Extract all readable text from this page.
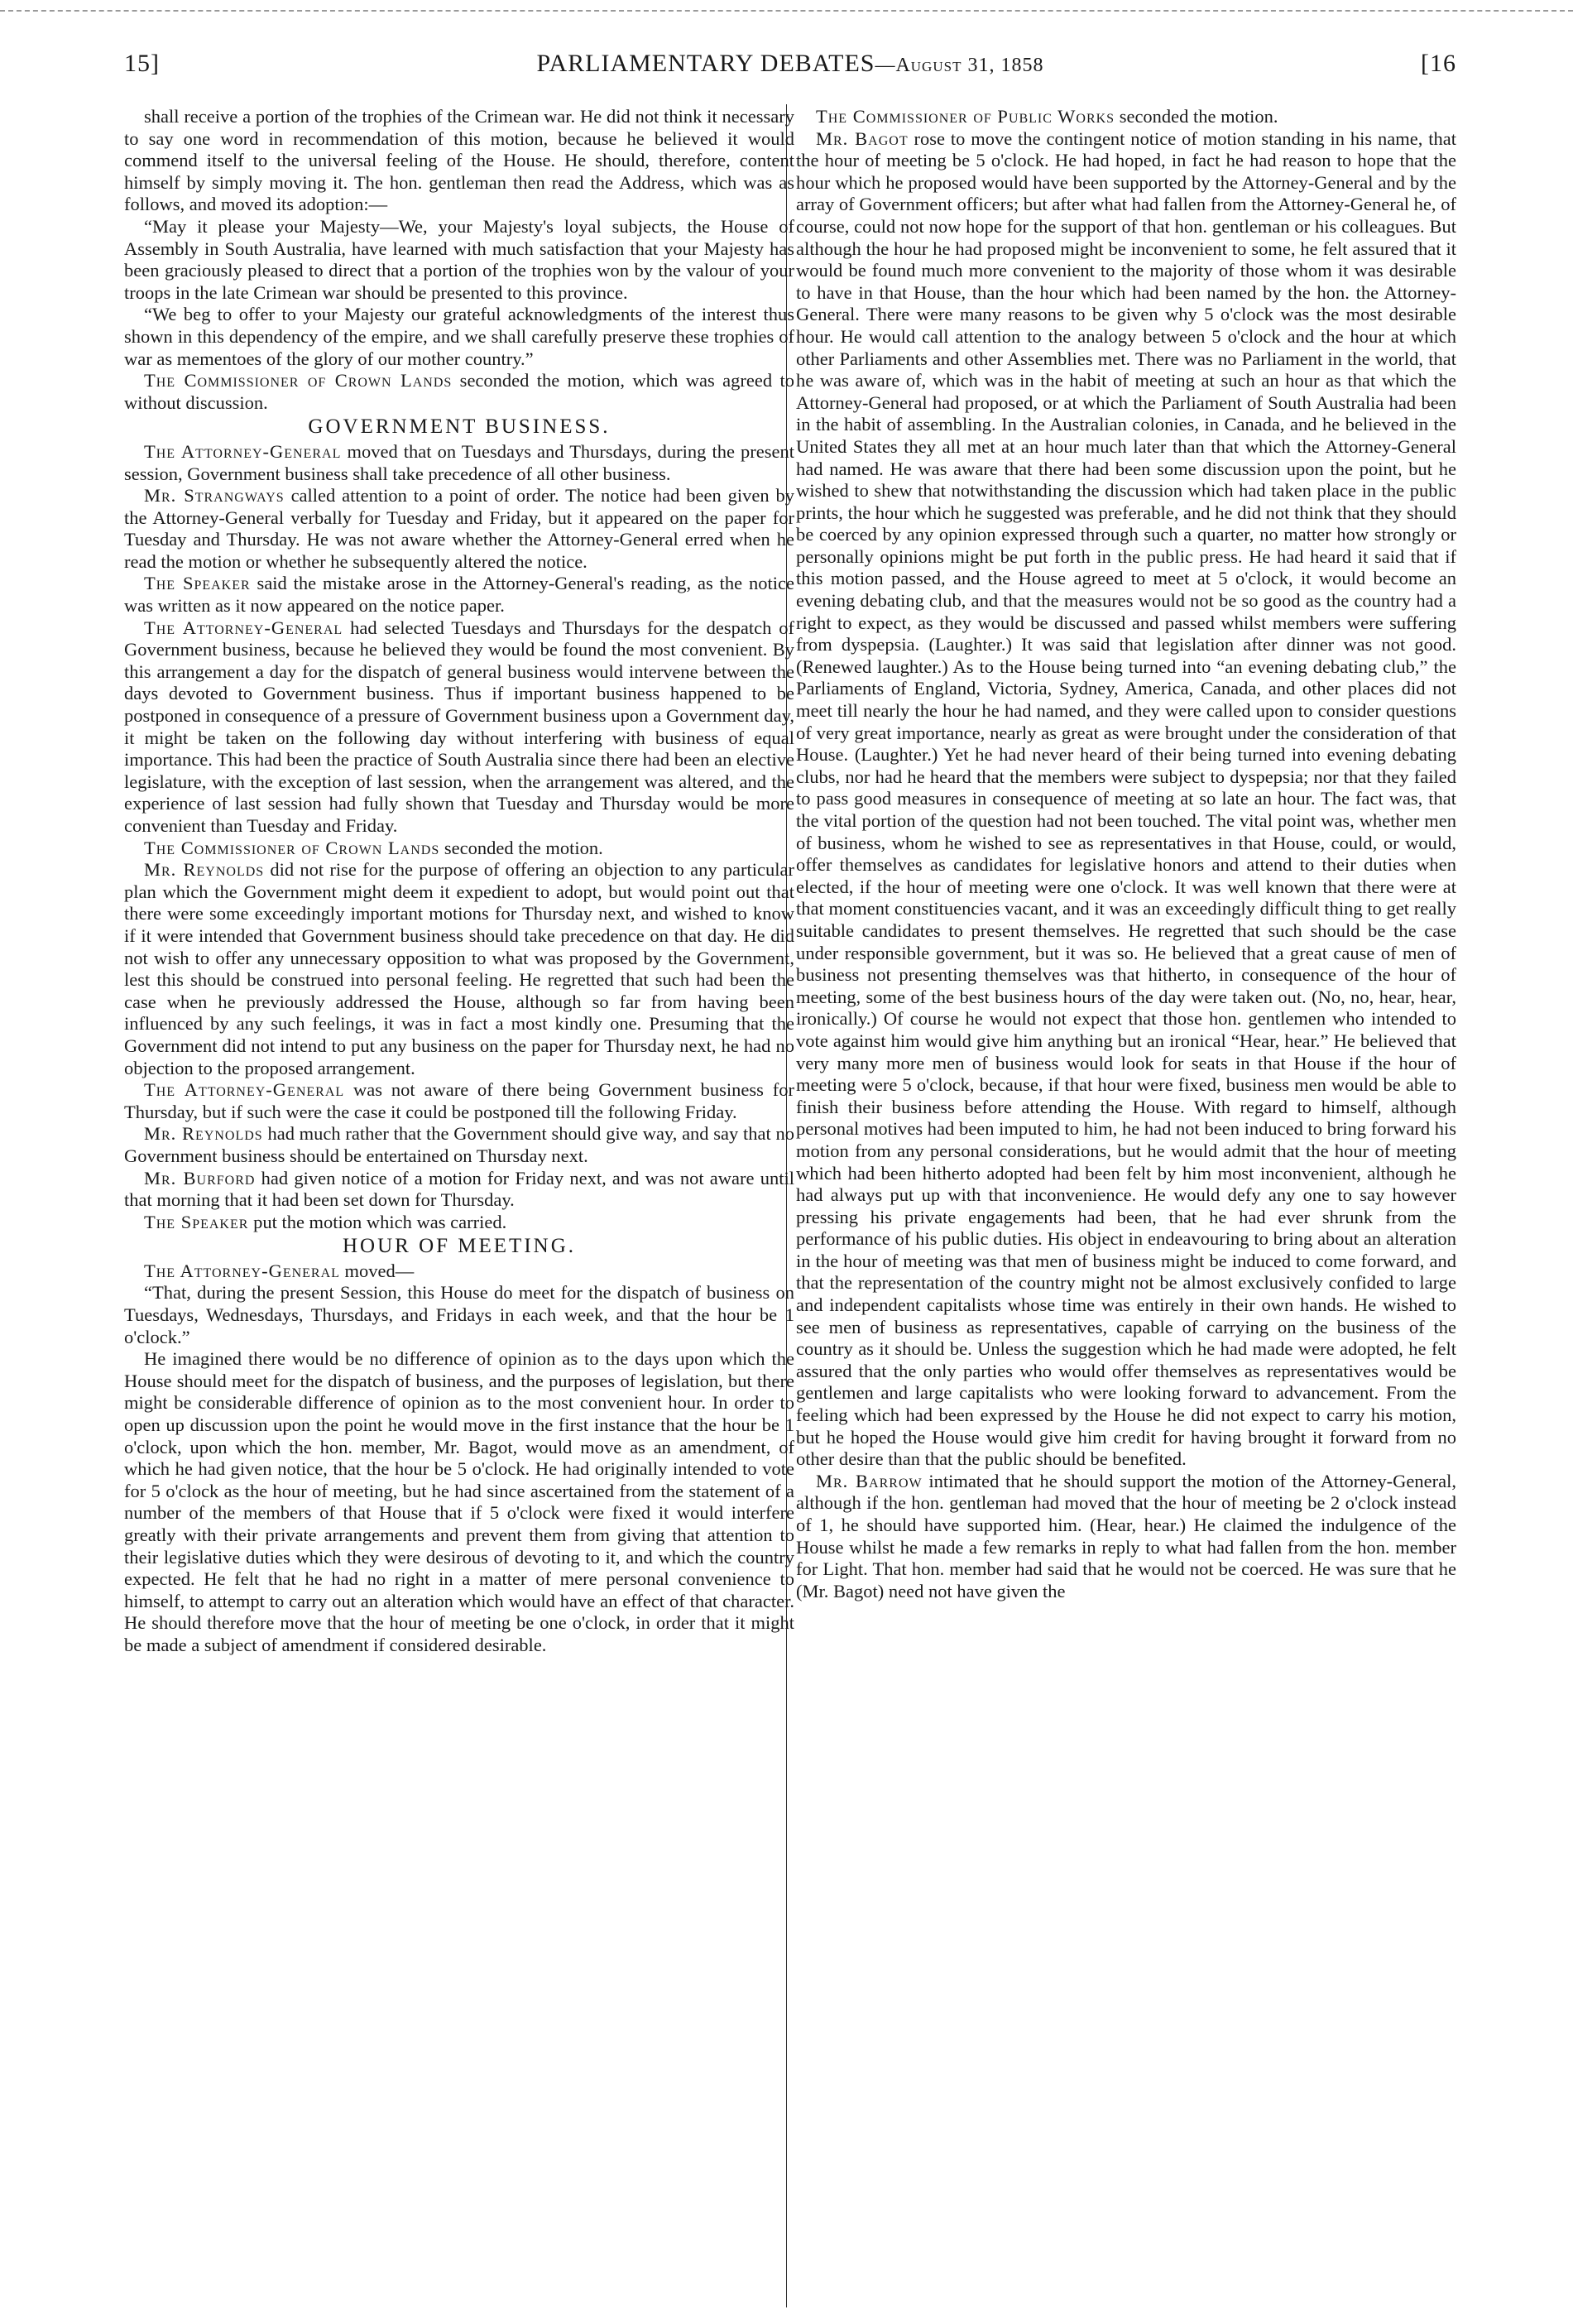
15]	PARLIAMENTARY DEBATES—August 31, 1858	[16

shall receive a portion of the trophies of the Crimean war. He did not think it necessary to say one word in recommendation of this motion, because he believed it would commend itself to the universal feeling of the House. He should, therefore, content himself by simply moving it. The hon. gentleman then read the Address, which was as follows, and moved its adoption:—

“May it please your Majesty—We, your Majesty's loyal subjects, the House of Assembly in South Australia, have learned with much satisfaction that your Majesty has been graciously pleased to direct that a portion of the trophies won by the valour of your troops in the late Crimean war should be presented to this province.

“We beg to offer to your Majesty our grateful acknowledgments of the interest thus shown in this dependency of the empire, and we shall carefully preserve these trophies of war as mementoes of the glory of our mother country.”

The Commissioner of Crown Lands seconded the motion, which was agreed to without discussion.

GOVERNMENT BUSINESS.

The Attorney-General moved that on Tuesdays and Thursdays, during the present session, Government business shall take precedence of all other business.

Mr. Strangways called attention to a point of order. The notice had been given by the Attorney-General verbally for Tuesday and Friday, but it appeared on the paper for Tuesday and Thursday. He was not aware whether the Attorney-General erred when he read the motion or whether he subsequently altered the notice.

The Speaker said the mistake arose in the Attorney-General's reading, as the notice was written as it now appeared on the notice paper.

The Attorney-General had selected Tuesdays and Thursdays for the despatch of Government business, because he believed they would be found the most convenient. By this arrangement a day for the dispatch of general business would intervene between the days devoted to Government business. Thus if important business happened to be postponed in consequence of a pressure of Government business upon a Government day, it might be taken on the following day without interfering with business of equal importance. This had been the practice of South Australia since there had been an elective legislature, with the exception of last session, when the arrangement was altered, and the experience of last session had fully shown that Tuesday and Thursday would be more convenient than Tuesday and Friday.

The Commissioner of Crown Lands seconded the motion.

Mr. Reynolds did not rise for the purpose of offering an objection to any particular plan which the Government might deem it expedient to adopt, but would point out that there were some exceedingly important motions for Thursday next, and wished to know if it were intended that Government business should take precedence on that day. He did not wish to offer any unnecessary opposition to what was proposed by the Government, lest this should be construed into personal feeling. He regretted that such had been the case when he previously addressed the House, although so far from having been influenced by any such feelings, it was in fact a most kindly one. Presuming that the Government did not intend to put any business on the paper for Thursday next, he had no objection to the proposed arrangement.

The Attorney-General was not aware of there being Government business for Thursday, but if such were the case it could be postponed till the following Friday.

Mr. Reynolds had much rather that the Government should give way, and say that no Government business should be entertained on Thursday next.

Mr. Burford had given notice of a motion for Friday next, and was not aware until that morning that it had been set down for Thursday.

The Speaker put the motion which was carried.

HOUR OF MEETING.

The Attorney-General moved—

“That, during the present Session, this House do meet for the dispatch of business on Tuesdays, Wednesdays, Thursdays, and Fridays in each week, and that the hour be 1 o'clock.”

He imagined there would be no difference of opinion as to the days upon which the House should meet for the dispatch of business, and the purposes of legislation, but there might be considerable difference of opinion as to the most convenient hour. In order to open up discussion upon the point he would move in the first instance that the hour be 1 o'clock, upon which the hon. member, Mr. Bagot, would move as an amendment, of which he had given notice, that the hour be 5 o'clock. He had originally intended to vote for 5 o'clock as the hour of meeting, but he had since ascertained from the statement of a number of the members of that House that if 5 o'clock were fixed it would interfere greatly with their private arrangements and prevent them from giving that attention to their legislative duties which they were desirous of devoting to it, and which the country expected. He felt that he had no right in a matter of mere personal convenience to himself, to attempt to carry out an alteration which would have an effect of that character. He should therefore move that the hour of meeting be one o'clock, in order that it might be made a subject of amendment if considered desirable.

The Commissioner of Public Works seconded the motion.

Mr. Bagot rose to move the contingent notice of motion standing in his name, that the hour of meeting be 5 o'clock. He had hoped, in fact he had reason to hope that the hour which he proposed would have been supported by the Attorney-General and by the array of Government officers; but after what had fallen from the Attorney-General he, of course, could not now hope for the support of that hon. gentleman or his colleagues. But although the hour he had proposed might be inconvenient to some, he felt assured that it would be found much more convenient to the majority of those whom it was desirable to have in that House, than the hour which had been named by the hon. the Attorney-General. There were many reasons to be given why 5 o'clock was the most desirable hour. He would call attention to the analogy between 5 o'clock and the hour at which other Parliaments and other Assemblies met. There was no Parliament in the world, that he was aware of, which was in the habit of meeting at such an hour as that which the Attorney-General had proposed, or at which the Parliament of South Australia had been in the habit of assembling. In the Australian colonies, in Canada, and he believed in the United States they all met at an hour much later than that which the Attorney-General had named. He was aware that there had been some discussion upon the point, but he wished to shew that notwithstanding the discussion which had taken place in the public prints, the hour which he suggested was preferable, and he did not think that they should be coerced by any opinion expressed through such a quarter, no matter how strongly or personally opinions might be put forth in the public press. He had heard it said that if this motion passed, and the House agreed to meet at 5 o'clock, it would become an evening debating club, and that the measures would not be so good as the country had a right to expect, as they would be discussed and passed whilst members were suffering from dyspepsia. (Laughter.) It was said that legislation after dinner was not good. (Renewed laughter.) As to the House being turned into “an evening debating club,” the Parliaments of England, Victoria, Sydney, America, Canada, and other places did not meet till nearly the hour he had named, and they were called upon to consider questions of very great importance, nearly as great as were brought under the consideration of that House. (Laughter.) Yet he had never heard of their being turned into evening debating clubs, nor had he heard that the members were subject to dyspepsia; nor that they failed to pass good measures in consequence of meeting at so late an hour. The fact was, that the vital portion of the question had not been touched. The vital point was, whether men of business, whom he wished to see as representatives in that House, could, or would, offer themselves as candidates for legislative honors and attend to their duties when elected, if the hour of meeting were one o'clock. It was well known that there were at that moment constituencies vacant, and it was an exceedingly difficult thing to get really suitable candidates to present themselves. He regretted that such should be the case under responsible government, but it was so. He believed that a great cause of men of business not presenting themselves was that hitherto, in consequence of the hour of meeting, some of the best business hours of the day were taken out. (No, no, hear, hear, ironically.) Of course he would not expect that those hon. gentlemen who intended to vote against him would give him anything but an ironical “Hear, hear.” He believed that very many more men of business would look for seats in that House if the hour of meeting were 5 o'clock, because, if that hour were fixed, business men would be able to finish their business before attending the House. With regard to himself, although personal motives had been imputed to him, he had not been induced to bring forward his motion from any personal considerations, but he would admit that the hour of meeting which had been hitherto adopted had been felt by him most inconvenient, although he had always put up with that inconvenience. He would defy any one to say however pressing his private engagements had been, that he had ever shrunk from the performance of his public duties. His object in endeavouring to bring about an alteration in the hour of meeting was that men of business might be induced to come forward, and that the representation of the country might not be almost exclusively confided to large and independent capitalists whose time was entirely in their own hands. He wished to see men of business as representatives, capable of carrying on the business of the country as it should be. Unless the suggestion which he had made were adopted, he felt assured that the only parties who would offer themselves as representatives would be gentlemen and large capitalists who were looking forward to advancement. From the feeling which had been expressed by the House he did not expect to carry his motion, but he hoped the House would give him credit for having brought it forward from no other desire than that the public should be benefited.

Mr. Barrow intimated that he should support the motion of the Attorney-General, although if the hon. gentleman had moved that the hour of meeting be 2 o'clock instead of 1, he should have supported him. (Hear, hear.) He claimed the indulgence of the House whilst he made a few remarks in reply to what had fallen from the hon. member for Light. That hon. member had said that he would not be coerced. He was sure that he (Mr. Bagot) need not have given the
